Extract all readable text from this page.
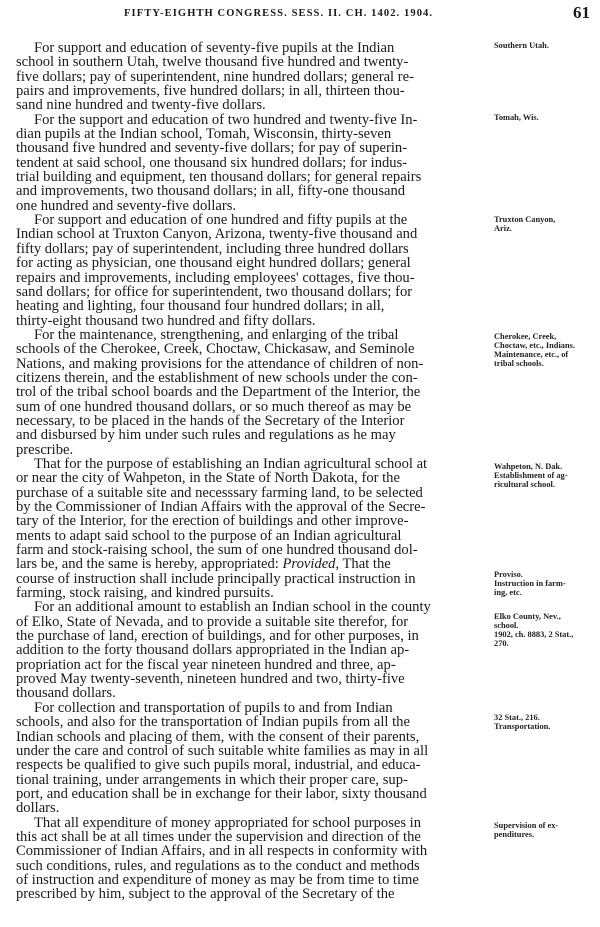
FIFTY-EIGHTH CONGRESS. SESS. II. CH. 1402. 1904.	61

For support and education of seventy-five pupils at the Indian
school in southern Utah, twelve thousand five hundred and twenty-
five dollars; pay of superintendent, nine hundred dollars; general re-
pairs and improvements, five hundred dollars; in all, thirteen thou-
sand nine hundred and twenty-five dollars.

For the support and education of two hundred and twenty-five In-
dian pupils at the Indian school, Tomah, Wisconsin, thirty-seven
thousand five hundred and seventy-five dollars; for pay of superin-
tendent at said school, one thousand six hundred dollars; for indus-
trial building and equipment, ten thousand dollars; for general repairs
and improvements, two thousand dollars; in all, fifty-one thousand
one hundred and seventy-five dollars.

For support and education of one hundred and fifty pupils at the
Indian school at Truxton Canyon, Arizona, twenty-five thousand and
fifty dollars; pay of superintendent, including three hundred dollars
for acting as physician, one thousand eight hundred dollars; general
repairs and improvements, including employees' cottages, five thou-
sand dollars; for office for superintendent, two thousand dollars; for
heating and lighting, four thousand four hundred dollars; in all,
thirty-eight thousand two hundred and fifty dollars.

For the maintenance, strengthening, and enlarging of the tribal
schools of the Cherokee, Creek, Choctaw, Chickasaw, and Seminole
Nations, and making provisions for the attendance of children of non-
citizens therein, and the establishment of new schools under the con-
trol of the tribal school boards and the Department of the Interior, the
sum of one hundred thousand dollars, or so much thereof as may be
necessary, to be placed in the hands of the Secretary of the Interior
and disbursed by him under such rules and regulations as he may
prescribe.

That for the purpose of establishing an Indian agricultural school at
or near the city of Wahpeton, in the State of North Dakota, for the
purchase of a suitable site and necesssary farming land, to be selected
by the Commissioner of Indian Affairs with the approval of the Secre-
tary of the Interior, for the erection of buildings and other improve-
ments to adapt said school to the purpose of an Indian agricultural
farm and stock-raising school, the sum of one hundred thousand dol-
lars be, and the same is hereby, appropriated: Provided, That the
course of instruction shall include principally practical instruction in
farming, stock raising, and kindred pursuits.

For an additional amount to establish an Indian school in the county
of Elko, State of Nevada, and to provide a suitable site therefor, for
the purchase of land, erection of buildings, and for other purposes, in
addition to the forty thousand dollars appropriated in the Indian ap-
propriation act for the fiscal year nineteen hundred and three, ap-
proved May twenty-seventh, nineteen hundred and two, thirty-five
thousand dollars.

For collection and transportation of pupils to and from Indian
schools, and also for the transportation of Indian pupils from all the
Indian schools and placing of them, with the consent of their parents,
under the care and control of such suitable white families as may in all
respects be qualified to give such pupils moral, industrial, and educa-
tional training, under arrangements in which their proper care, sup-
port, and education shall be in exchange for their labor, sixty thousand
dollars.

That all expenditure of money appropriated for school purposes in
this act shall be at all times under the supervision and direction of the
Commissioner of Indian Affairs, and in all respects in conformity with
such conditions, rules, and regulations as to the conduct and methods
of instruction and expenditure of money as may be from time to time
prescribed by him, subject to the approval of the Secretary of the

Southern Utah.
Tomah, Wis.
Truxton Canyon,
Ariz.
Cherokee, Creek,
Choctaw, etc., Indians.
Maintenance, etc., of
tribal schools.
Wahpeton, N. Dak.
Establishment of ag-
ricultural school.
Proviso.
Instruction in farm-
ing, etc.
Elko County, Nev.,
school.
1902, ch. 8883, 2 Stat.,
270.
32 Stat., 216.
Transportation.
Supervision of ex-
penditures.
